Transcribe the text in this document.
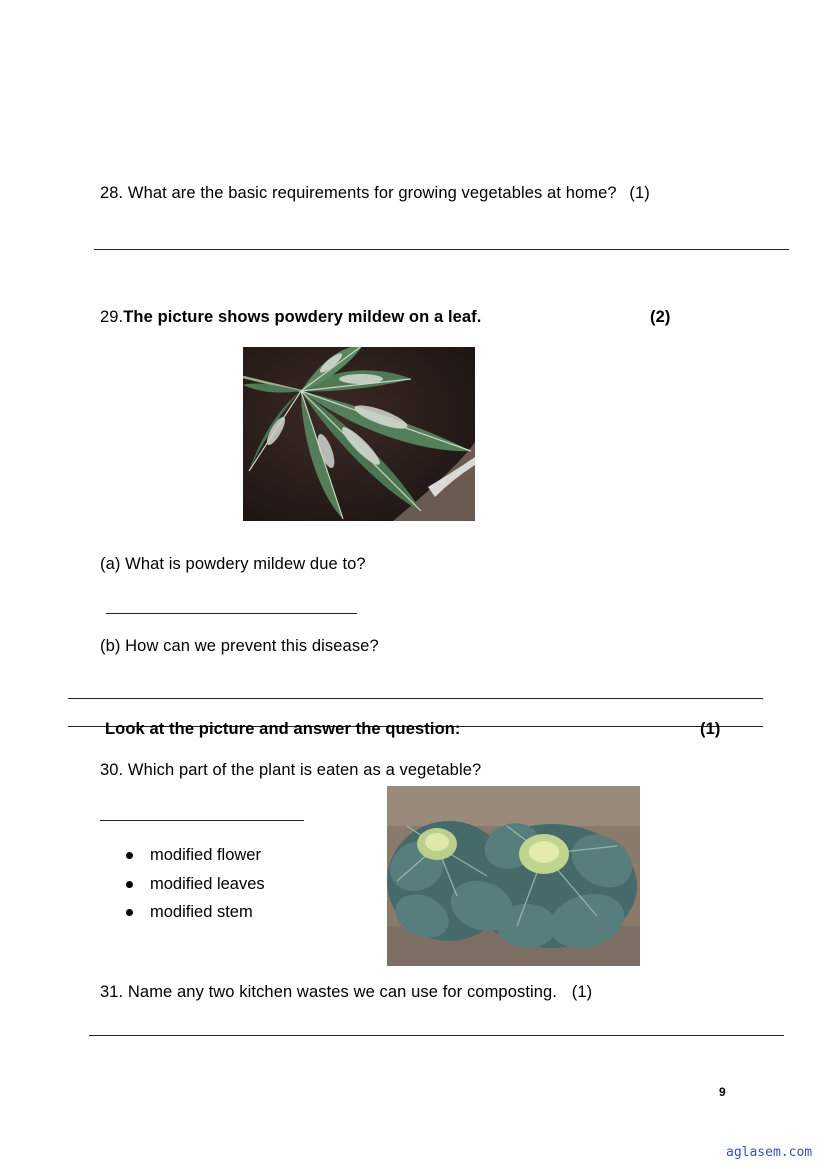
28. What are the basic requirements for growing vegetables at home? (1)
29.The picture shows powdery mildew on a leaf.	(2)
(a) What is powdery mildew due to?
(b) How can we prevent this disease?
Look at the picture and answer the question:	(1)
30. Which part of the plant is eaten as a vegetable?
modified flower
modified leaves
modified stem
31. Name any two kitchen wastes we can use for composting. (1)
9
aglasem.com
